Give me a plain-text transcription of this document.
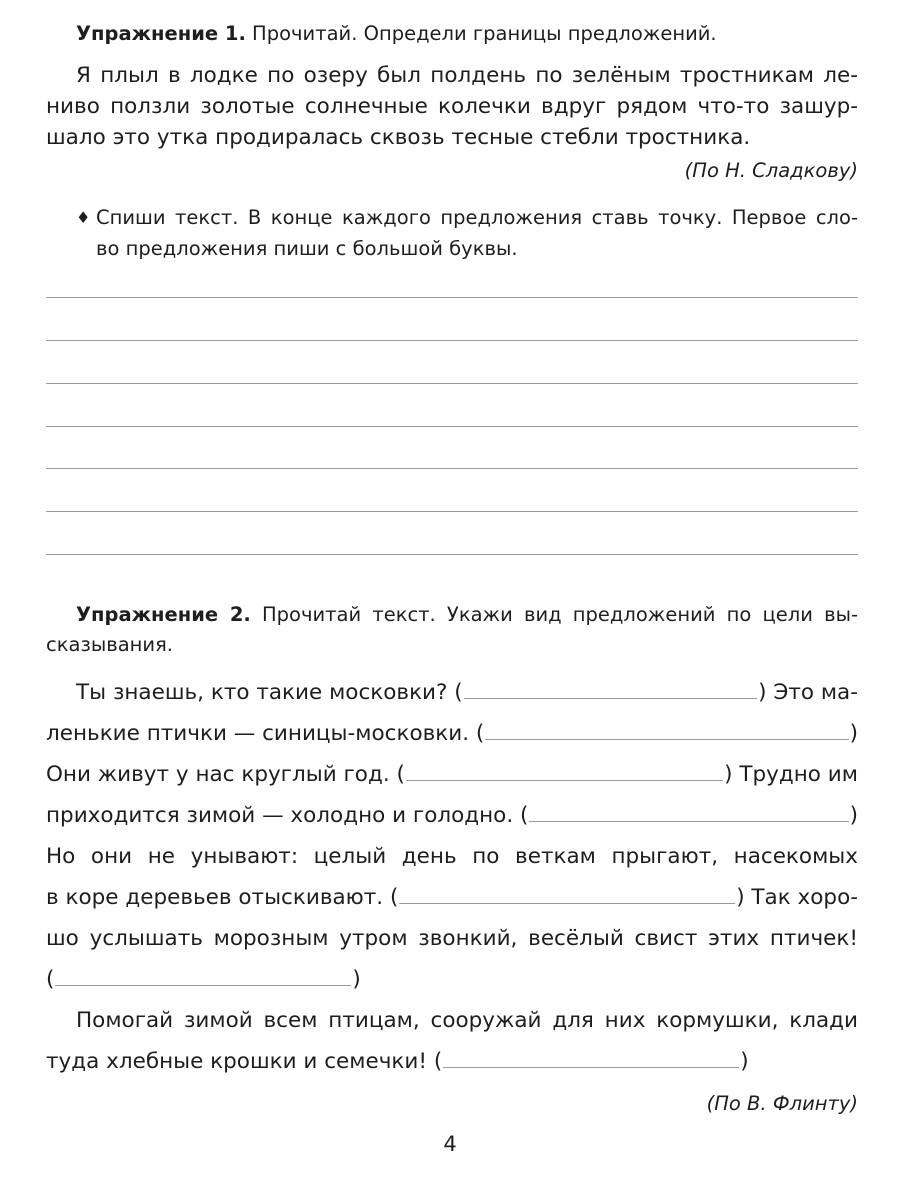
Упражнение 1. Прочитай. Определи границы предложений.
Я плыл в лодке по озеру был полдень по зелёным тростникам ле-
ниво ползли золотые солнечные колечки вдруг рядом что-то зашур-
шало это утка продиралась сквозь тесные стебли тростника.
(По Н. Сладкову)
♦ Спиши текст. В конце каждого предложения ставь точку. Первое сло-
во предложения пиши с большой буквы.
Упражнение 2. Прочитай текст. Укажи вид предложений по цели вы-
сказывания.
Ты знаешь, кто такие московки? (	) Это ма-
ленькие птички — синицы-московки. (	)
Они живут у нас круглый год. (	) Трудно им
приходится зимой — холодно и голодно. (	)
Но они не унывают: целый день по веткам прыгают, насекомых
в коре деревьев отыскивают. (	) Так хоро-
шо услышать морозным утром звонкий, весёлый свист этих птичек!
(	)
Помогай зимой всем птицам, сооружай для них кормушки, клади
туда хлебные крошки и семечки! (	)
(По В. Флинту)
4
